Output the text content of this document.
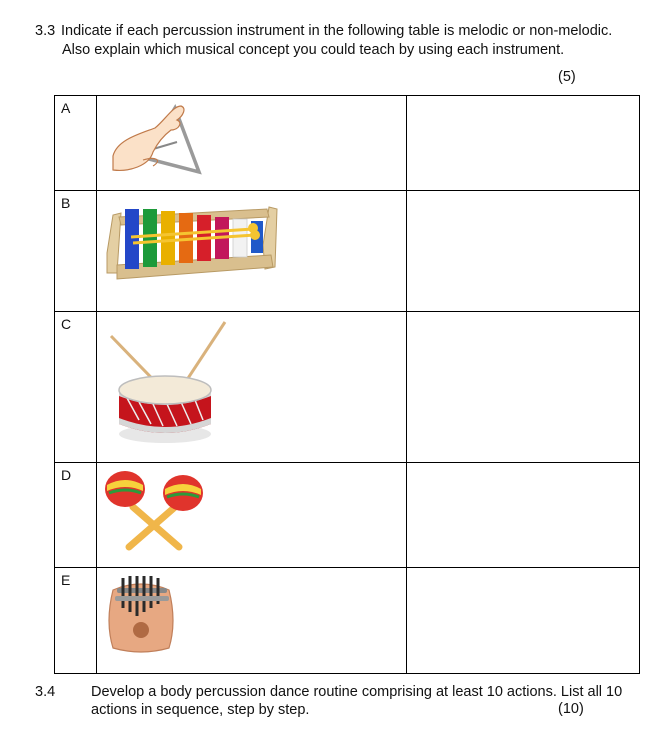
3.3 Indicate if each percussion instrument in the following table is melodic or non-melodic.
Also explain which musical concept you could teach by using each instrument.
(5)
A	

B	

C	

D	

E	

3.4 Develop a body percussion dance routine comprising at least 10 actions. List all 10 actions in sequence, step by step.	(10)
